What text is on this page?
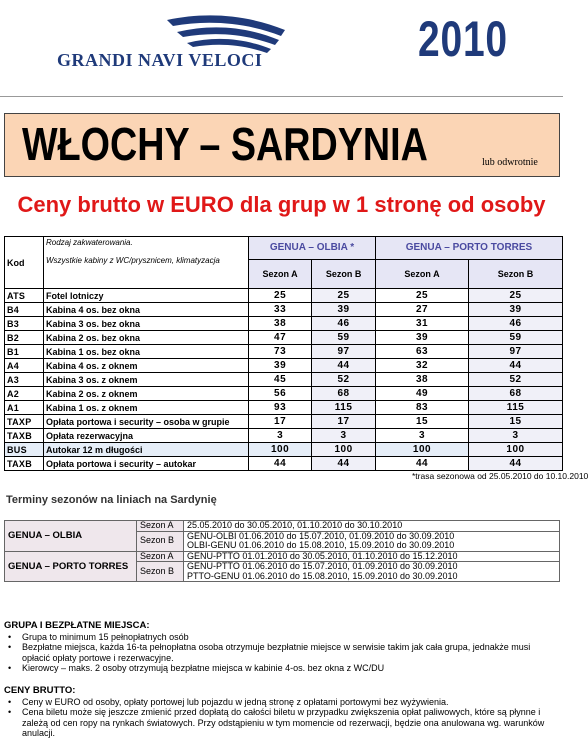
GRANDI NAVI VELOCI	2010
WŁOCHY – SARDYNIA	lub odwrotnie
Ceny brutto w EURO dla grup w 1 stronę od osoby
Kod	Rodzaj zakwaterowania.
Wszystkie kabiny z WC/prysznicem, klimatyzacja	GENUA – OLBIA *		GENUA – PORTO TORRES	
		Sezon A	Sezon B	Sezon A	Sezon B
ATS	Fotel lotniczy	25	25	25	25
B4	Kabina 4 os. bez okna	33	39	27	39
B3	Kabina 3 os. bez okna	38	46	31	46
B2	Kabina 2 os. bez okna	47	59	39	59
B1	Kabina 1 os. bez okna	73	97	63	97
A4	Kabina 4 os. z oknem	39	44	32	44
A3	Kabina 3 os. z oknem	45	52	38	52
A2	Kabina 2 os. z oknem	56	68	49	68
A1	Kabina 1 os. z oknem	93	115	83	115
TAXP	Opłata portowa i security – osoba w grupie	17	17	15	15
TAXB	Opłata rezerwacyjna	3	3	3	3
BUS	Autokar 12 m długości	100	100	100	100
TAXB	Opłata portowa i security – autokar	44	44	44	44
*trasa sezonowa od 25.05.2010 do 10.10.2010
Terminy sezonów na liniach na Sardynię
GENUA – OLBIA	Sezon A	25.05.2010 do 30.05.2010, 01.10.2010 do 30.10.2010

	Sezon B	GENU-OLBI 01.06.2010 do 15.07.2010, 01.09.2010 do 30.09.2010
OLBI-GENU 01.06.2010 do 15.08.2010, 15.09.2010 do 30.09.2010

GENUA – PORTO TORRES	Sezon A	GENU-PTTO 01.01.2010 do 30.05.2010, 01.10.2010 do 15.12.2010

	Sezon B	GENU-PTTO 01.06.2010 do 15.07.2010, 01.09.2010 do 30.09.2010
PTTO-GENU 01.06.2010 do 15.08.2010, 15.09.2010 do 30.09.2010
GRUPA I BEZPŁATNE MIEJSCA:
• Grupa to minimum 15 pełnopłatnych osób
• Bezpłatne miejsca, każda 16-ta pełnopłatna osoba otrzymuje bezpłatnie miejsce w serwisie takim jak cała grupa, jednakże musi opłacić opłaty portowe i rezerwacyjne.
• Kierowcy – maks. 2 osoby otrzymują bezpłatne miejsca w kabinie 4-os. bez okna z WC/DU
CENY BRUTTO:
• Ceny w EURO od osoby, opłaty portowej lub pojazdu w jedną stronę z opłatami portowymi bez wyżywienia.
• Cena biletu może się jeszcze zmienić przed dopłatą do całości biletu w przypadku zwiększenia opłat paliwowych, które są płynne i zależą od cen ropy na rynkach światowych. Przy odstąpieniu w tym momencie od rezerwacji, będzie ona anulowana wg. warunków anulacji.
